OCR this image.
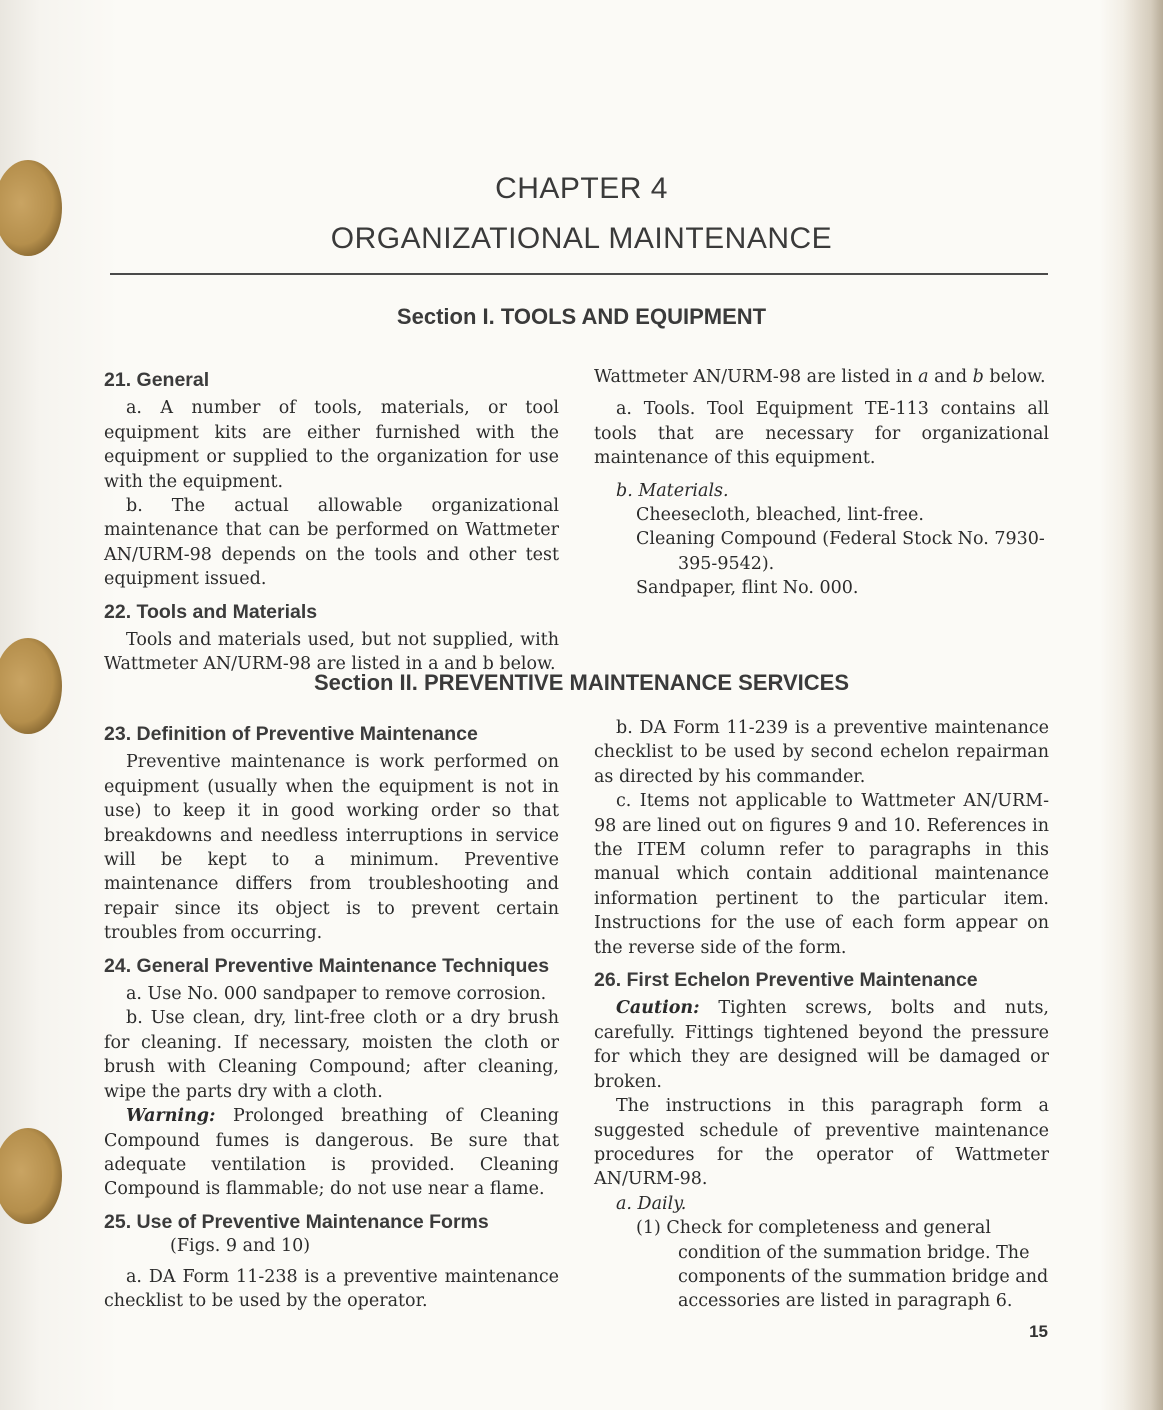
CHAPTER 4
ORGANIZATIONAL MAINTENANCE
Section I. TOOLS AND EQUIPMENT
21. General

a. A number of tools, materials, or tool equipment kits are either furnished with the equipment or supplied to the organization for use with the equipment.

b. The actual allowable organizational maintenance that can be performed on Wattmeter AN/URM-98 depends on the tools and other test equipment issued.

22. Tools and Materials

Tools and materials used, but not supplied, with Wattmeter AN/URM-98 are listed in a and b below.

Wattmeter AN/URM-98 are listed in a and b below.

a. Tools. Tool Equipment TE-113 contains all tools that are necessary for organizational maintenance of this equipment.

b. Materials.

Cheesecloth, bleached, lint-free.

Cleaning Compound (Federal Stock No. 7930-395-9542).

Sandpaper, flint No. 000.

Section II. PREVENTIVE MAINTENANCE SERVICES
23. Definition of Preventive Maintenance

Preventive maintenance is work performed on equipment (usually when the equipment is not in use) to keep it in good working order so that breakdowns and needless interruptions in service will be kept to a minimum. Preventive maintenance differs from troubleshooting and repair since its object is to prevent certain troubles from occurring.

24. General Preventive Maintenance Techniques

a. Use No. 000 sandpaper to remove corrosion.

b. Use clean, dry, lint-free cloth or a dry brush for cleaning. If necessary, moisten the cloth or brush with Cleaning Compound; after cleaning, wipe the parts dry with a cloth.

Warning: Prolonged breathing of Cleaning Compound fumes is dangerous. Be sure that adequate ventilation is provided. Cleaning Compound is flammable; do not use near a flame.

25. Use of Preventive Maintenance Forms

(Figs. 9 and 10)

a. DA Form 11-238 is a preventive maintenance checklist to be used by the operator.

b. DA Form 11-239 is a preventive maintenance checklist to be used by second echelon repairman as directed by his commander.

c. Items not applicable to Wattmeter AN/URM-98 are lined out on figures 9 and 10. References in the ITEM column refer to paragraphs in this manual which contain additional maintenance information pertinent to the particular item. Instructions for the use of each form appear on the reverse side of the form.

26. First Echelon Preventive Maintenance

Caution: Tighten screws, bolts and nuts, carefully. Fittings tightened beyond the pressure for which they are designed will be damaged or broken.

The instructions in this paragraph form a suggested schedule of preventive maintenance procedures for the operator of Wattmeter AN/URM-98.

a. Daily.

(1) Check for completeness and general condition of the summation bridge. The components of the summation bridge and accessories are listed in paragraph 6.

15
